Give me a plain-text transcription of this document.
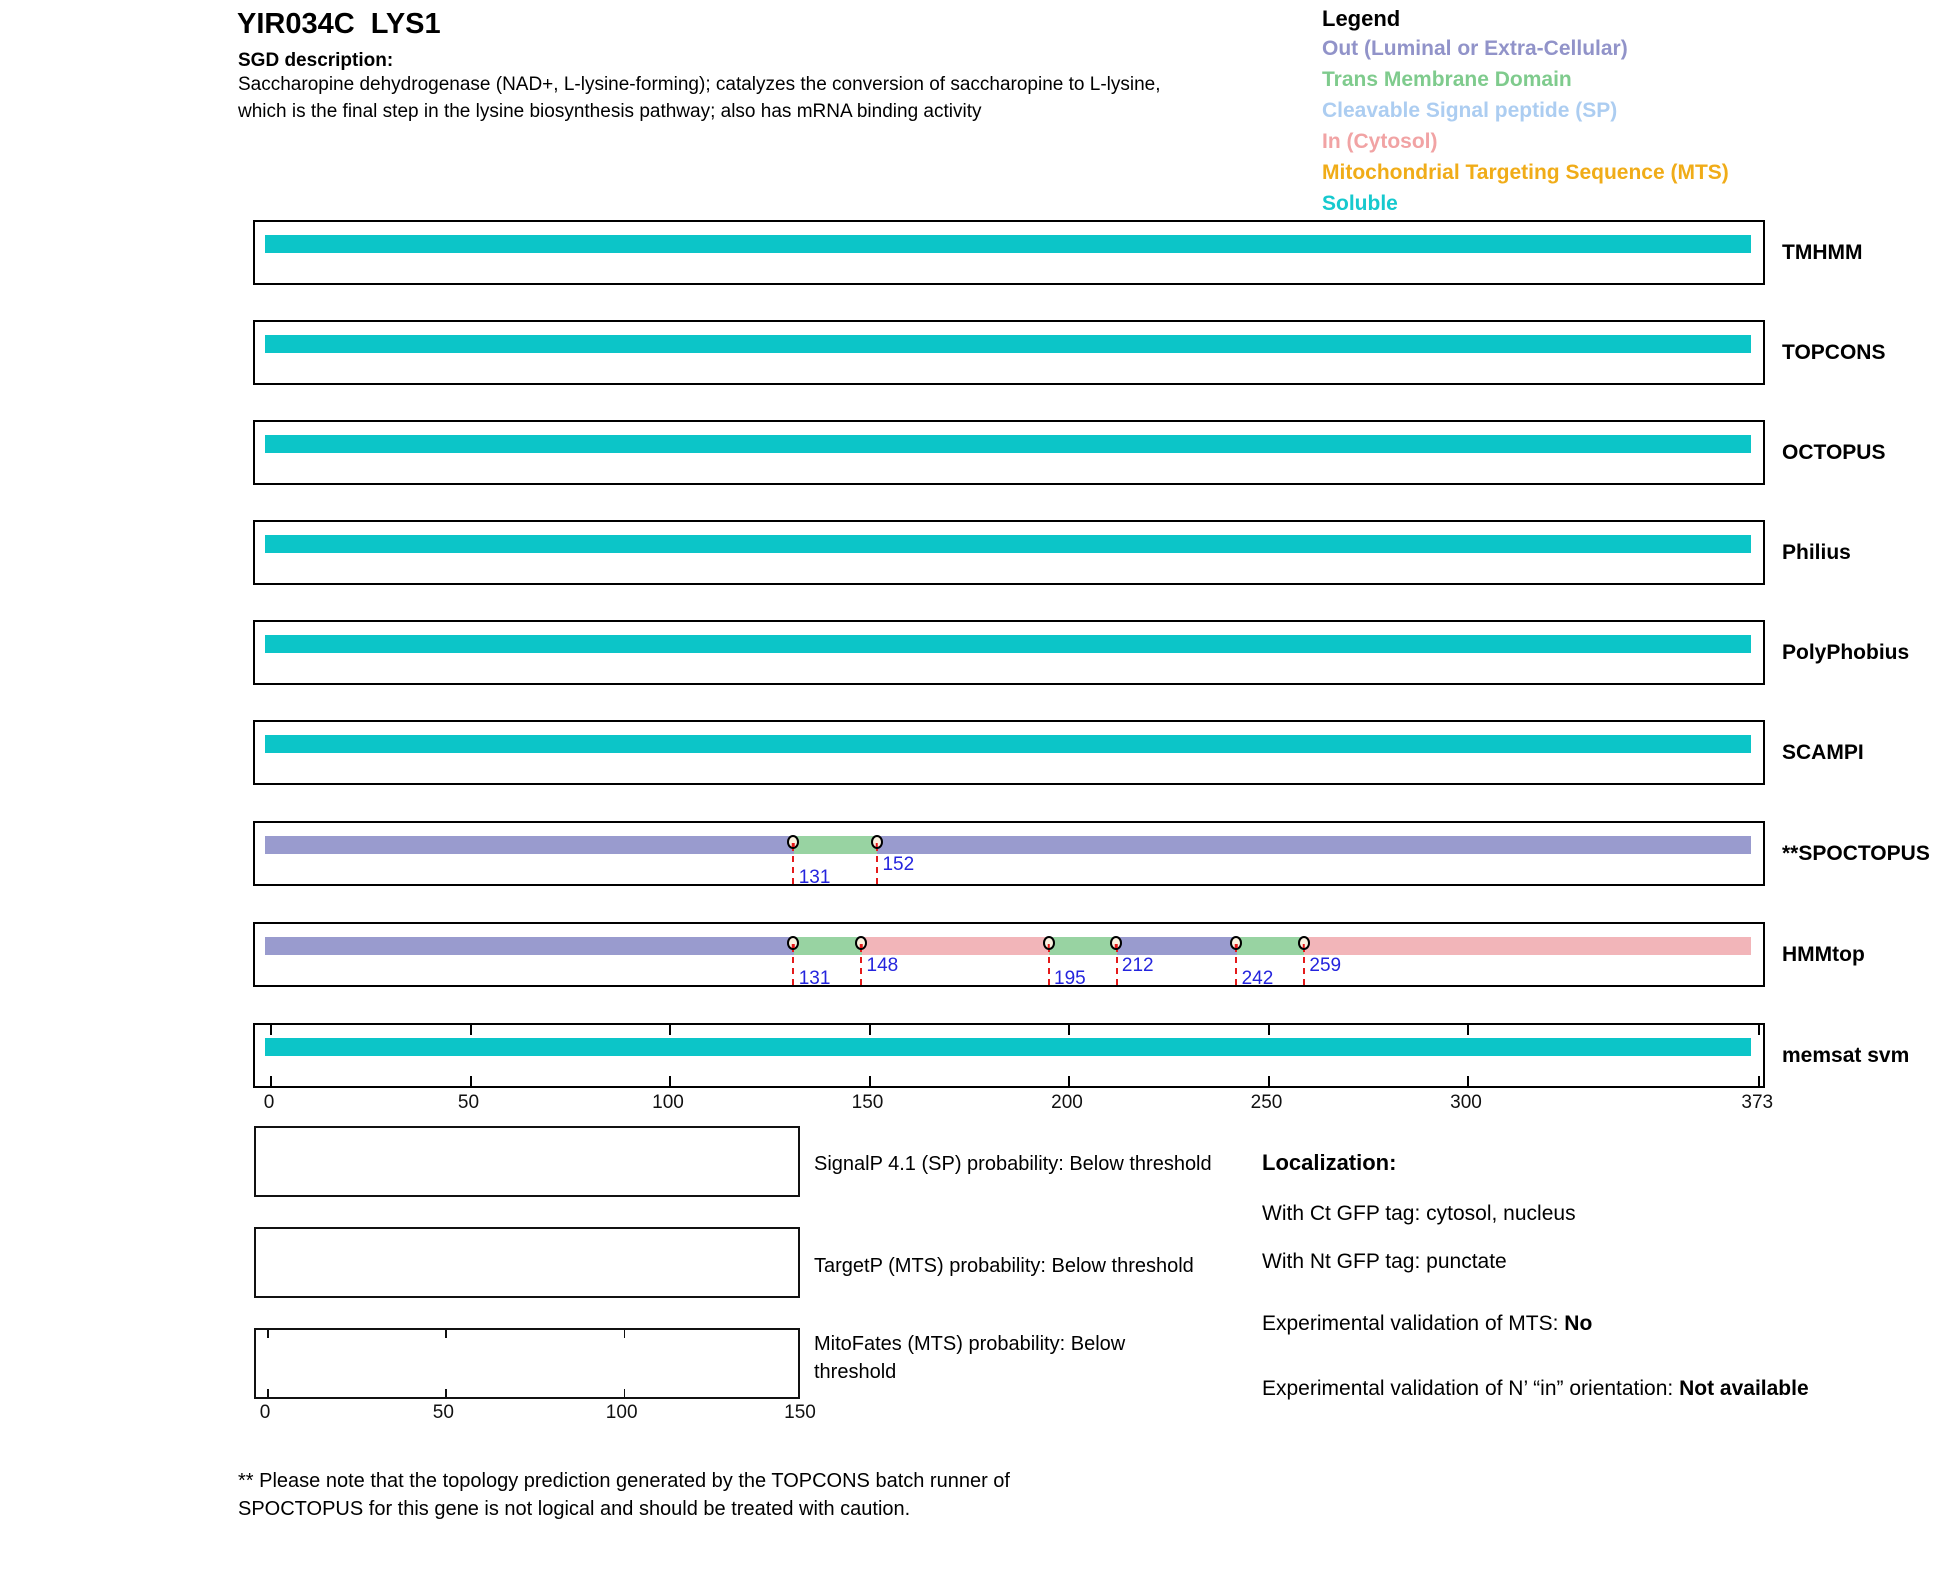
YIR034C  LYS1
SGD description:
Saccharopine dehydrogenase (NAD+, L-lysine-forming); catalyzes the conversion of saccharopine to L-lysine,
which is the final step in the lysine biosynthesis pathway; also has mRNA binding activity
Legend
Out (Luminal or Extra-Cellular)
Trans Membrane Domain
Cleavable Signal peptide (SP)
In (Cytosol)
Mitochondrial Targeting Sequence (MTS)
Soluble
TMHMM
TOPCONS
OCTOPUS
Philius
PolyPhobius
SCAMPI
131
152	**SPOCTOPUS
131
148
195
212
242
259	HMMtop
memsat svm
0	50	100	150	200	250	300	373
SignalP 4.1 (SP) probability: Below threshold
TargetP (MTS) probability: Below threshold
MitoFates (MTS) probability: Below threshold
0	50	100	150
Localization:
With Ct GFP tag: cytosol, nucleus
With Nt GFP tag: punctate
Experimental validation of MTS: No
Experimental validation of N’ “in” orientation: Not available
** Please note that the topology prediction generated by the TOPCONS batch runner of
SPOCTOPUS for this gene is not logical and should be treated with caution.
